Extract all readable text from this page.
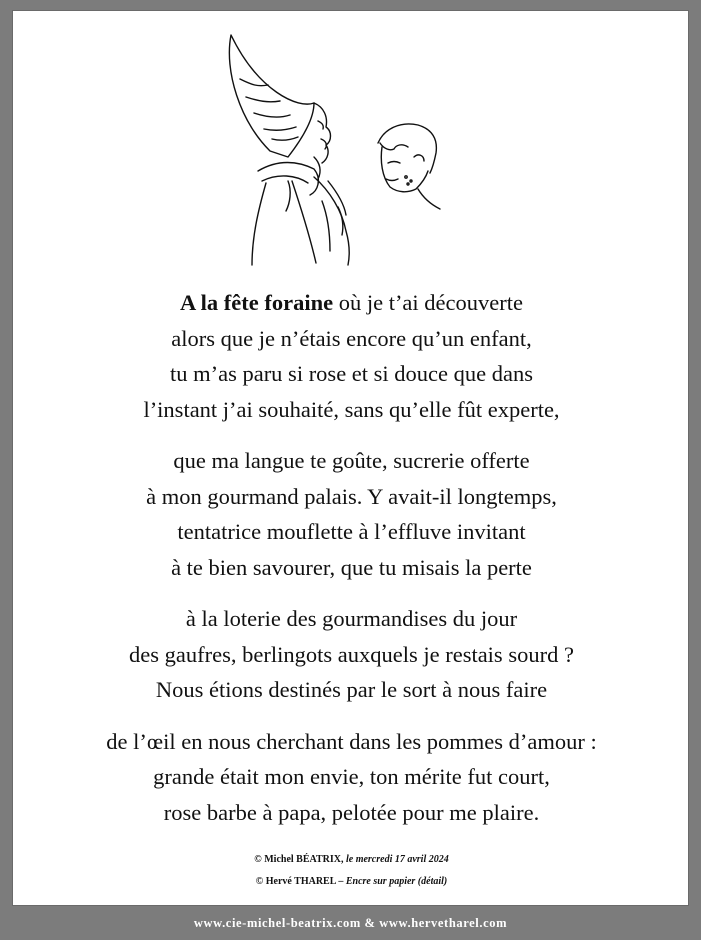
A la fête foraine où je t’ai découverte
alors que je n’étais encore qu’un enfant,
tu m’as paru si rose et si douce que dans
l’instant j’ai souhaité, sans qu’elle fût experte,
que ma langue te goûte, sucrerie offerte
à mon gourmand palais. Y avait-il longtemps,
tentatrice mouflette à l’effluve invitant
à te bien savourer, que tu misais la perte
à la loterie des gourmandises du jour
des gaufres, berlingots auxquels je restais sourd ?
Nous étions destinés par le sort à nous faire
de l’œil en nous cherchant dans les pommes d’amour :
grande était mon envie, ton mérite fut court,
rose barbe à papa, pelotée pour me plaire.
© Michel BÉATRIX, le mercredi 17 avril 2024
© Hervé THAREL – Encre sur papier (détail)
www.cie-michel-beatrix.com & www.hervetharel.com
